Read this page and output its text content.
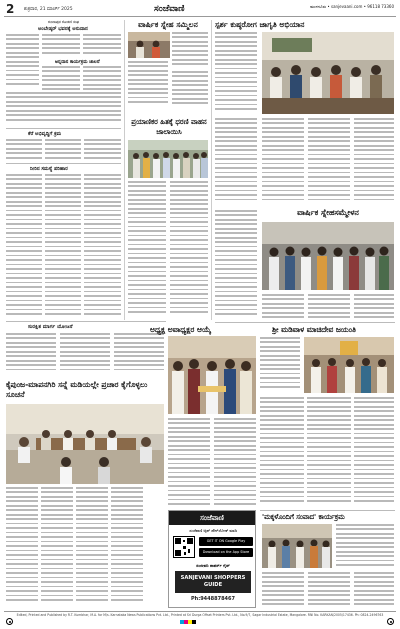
2 ಶುಕ್ರವಾರ, 21 ಮಾರ್ಚ್ 2025	ಸಂಜೆವಾಣಿ	ಮಂಗಳೂರು • sanjevaani.com • 96118 73360
ಕುಂದಾಪುರ ಕೊಂಕಣಿ ಸಂಘ
ಅಂಬೇಡ್ಕರ್ ಭವನಕ್ಕೆ ಅನುದಾನ
ಅನ್ನದಾನ ಕಾರ್ಯಕ್ರಮ ಚಾಲನೆ
ಕೆರೆ ಅಭಿವೃದ್ಧಿಗೆ ಕ್ರಮ
ನೀರಿನ ಸಮಸ್ಯೆ ಪರಿಹಾರ
ಸುರಕ್ಷಿತ ಮಾರ್ಗ ಯೋಜನೆ
ಕೈಪುಂಜ-ಮಾಪನಗಿರಿ ಸನ್ನೆ ಮಡಿಯಲ್ಲೇ ಪ್ರಚಾರ ಕೈಗೊಳ್ಳಲು ಸೂಚನೆ
ವಾರ್ಷಿಕ ಸ್ನೇಹ ಸಮ್ಮಿಲನ
ಪ್ರಯಾಣಿಕರ ಹಿತಕ್ಕೆ ಧರಣಿ ವಾಹನ ಜಾಲಾಯಿಸಿ
ಅಧ್ಯಕ್ಷ ಅವಾಧ್ಯಕ್ಷರ ಆಯ್ಕೆ
ಸಂಜೆವಾಣಿ
ಸಂಜೆವಾಣಿ ಆ್ಯಪ್ ಡೌನ್‌ಲೋಡ್ ಮಾಡಿ
GET IT ON Google Play
Download on the App Store
ಸಂಜೀವನಿ ಶಾಪರ್ಸ್ ಗೈಡ್
SANJEVANI SHOPPERS GUIDE
Ph:9448878467
ಸ್ಪರ್ಶ ಕುಷ್ಠರೋಗ ಜಾಗೃತಿ ಅಭಿಯಾನ
ವಾರ್ಷಿಕ ಸ್ನೇಹಸಮ್ಮೇಳನ
ಶ್ರೀ ಮಡಿವಾಳ ಮಾಚಿದೇವ ಜಯಂತಿ
'ಮಕ್ಕಳೊಂದಿಗೆ ಸಂವಾದ' ಕಾರ್ಯಕ್ರಮ
Edited, Printed and Published by R.T. Kumbhar, M.A. for M/s. Karnataka News Publications Pvt. Ltd., Printed at Sri Durga Offset Printers Pvt. Ltd., No.9/7, Sagar Industrial Estate, Mangalore. RNI No. KARKAN/2005/17436. Ph: 0824-2496763
